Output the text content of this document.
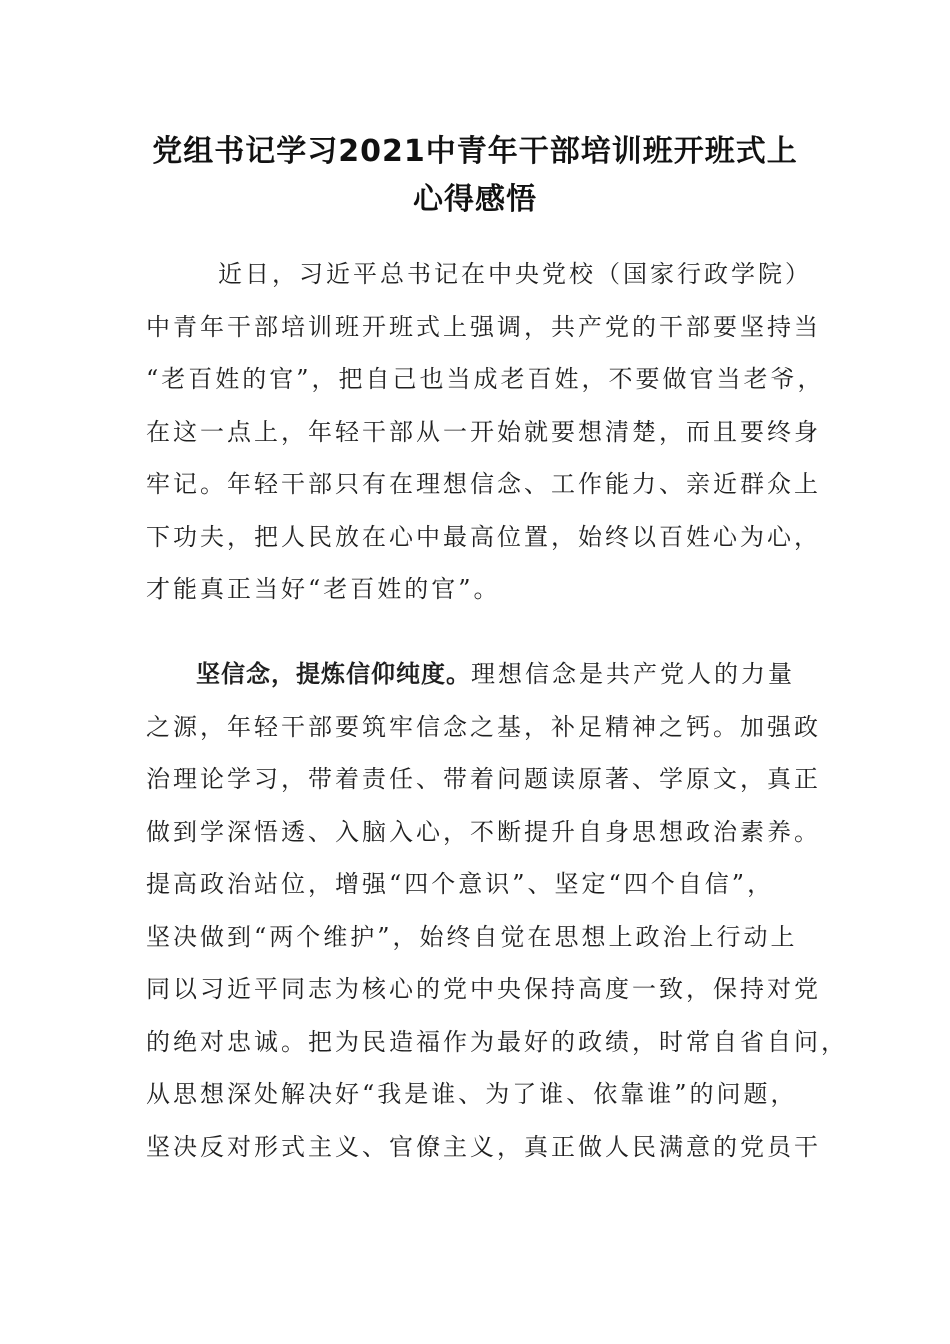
党组书记学习2021中青年干部培训班开班式上
心得感悟
近日，习近平总书记在中央党校（国家行政学院）
中青年干部培训班开班式上强调，共产党的干部要坚持当
“老百姓的官”，把自己也当成老百姓，不要做官当老爷，
在这一点上，年轻干部从一开始就要想清楚，而且要终身
牢记。年轻干部只有在理想信念、工作能力、亲近群众上
下功夫，把人民放在心中最高位置，始终以百姓心为心，
才能真正当好“老百姓的官”。
坚信念，提炼信仰纯度。理想信念是共产党人的力量
之源，年轻干部要筑牢信念之基，补足精神之钙。加强政
治理论学习，带着责任、带着问题读原著、学原文，真正
做到学深悟透、入脑入心，不断提升自身思想政治素养。
提高政治站位，增强“四个意识”、坚定“四个自信”，
坚决做到“两个维护”，始终自觉在思想上政治上行动上
同以习近平同志为核心的党中央保持高度一致，保持对党
的绝对忠诚。把为民造福作为最好的政绩，时常自省自问，
从思想深处解决好“我是谁、为了谁、依靠谁”的问题，
坚决反对形式主义、官僚主义，真正做人民满意的党员干
